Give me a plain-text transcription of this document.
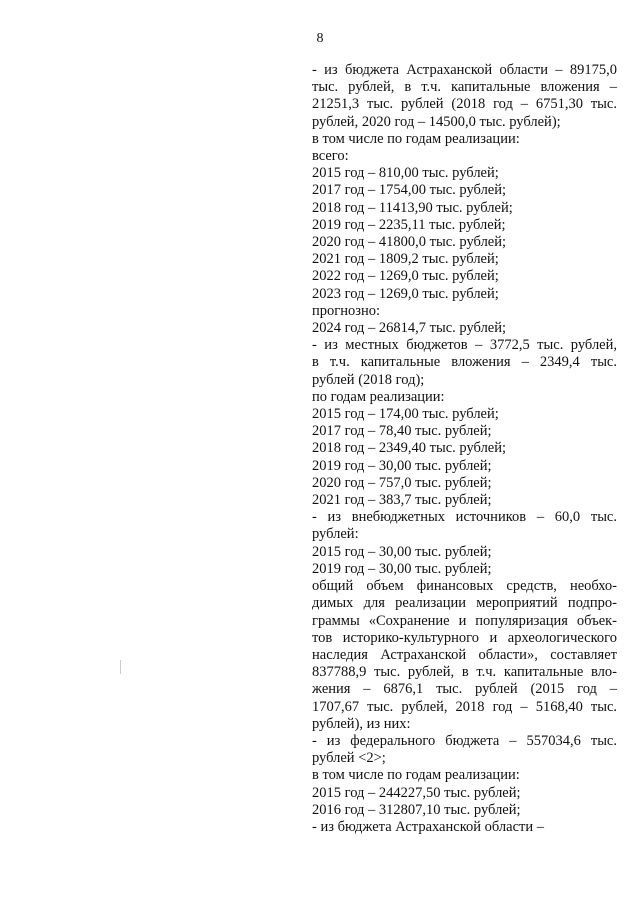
8
- из бюджета Астраханской области – 89175,0
тыс. рублей, в т.ч. капитальные вложения –
21251,3 тыс. рублей (2018 год – 6751,30 тыс.
рублей, 2020 год – 14500,0 тыс. рублей);
в том числе по годам реализации:
всего:
2015 год – 810,00 тыс. рублей;
2017 год – 1754,00 тыс. рублей;
2018 год – 11413,90 тыс. рублей;
2019 год – 2235,11 тыс. рублей;
2020 год – 41800,0 тыс. рублей;
2021 год – 1809,2 тыс. рублей;
2022 год – 1269,0 тыс. рублей;
2023 год – 1269,0 тыс. рублей;
прогнозно:
2024 год – 26814,7 тыс. рублей;
- из местных бюджетов – 3772,5 тыс. рублей,
в т.ч. капитальные вложения – 2349,4 тыс.
рублей (2018 год);
по годам реализации:
2015 год – 174,00 тыс. рублей;
2017 год – 78,40 тыс. рублей;
2018 год – 2349,40 тыс. рублей;
2019 год – 30,00 тыс. рублей;
2020 год – 757,0 тыс. рублей;
2021 год – 383,7 тыс. рублей;
- из внебюджетных источников – 60,0 тыс.
рублей:
2015 год – 30,00 тыс. рублей;
2019 год – 30,00 тыс. рублей;
общий объем финансовых средств, необхо-
димых для реализации мероприятий подпро-
граммы «Сохранение и популяризация объек-
тов историко-культурного и археологического
наследия Астраханской области», составляет
837788,9 тыс. рублей, в т.ч. капитальные вло-
жения – 6876,1 тыс. рублей (2015 год –
1707,67 тыс. рублей, 2018 год – 5168,40 тыс.
рублей), из них:
- из федерального бюджета – 557034,6 тыс.
рублей <2>;
в том числе по годам реализации:
2015 год – 244227,50 тыс. рублей;
2016 год – 312807,10 тыс. рублей;
- из бюджета Астраханской области –
